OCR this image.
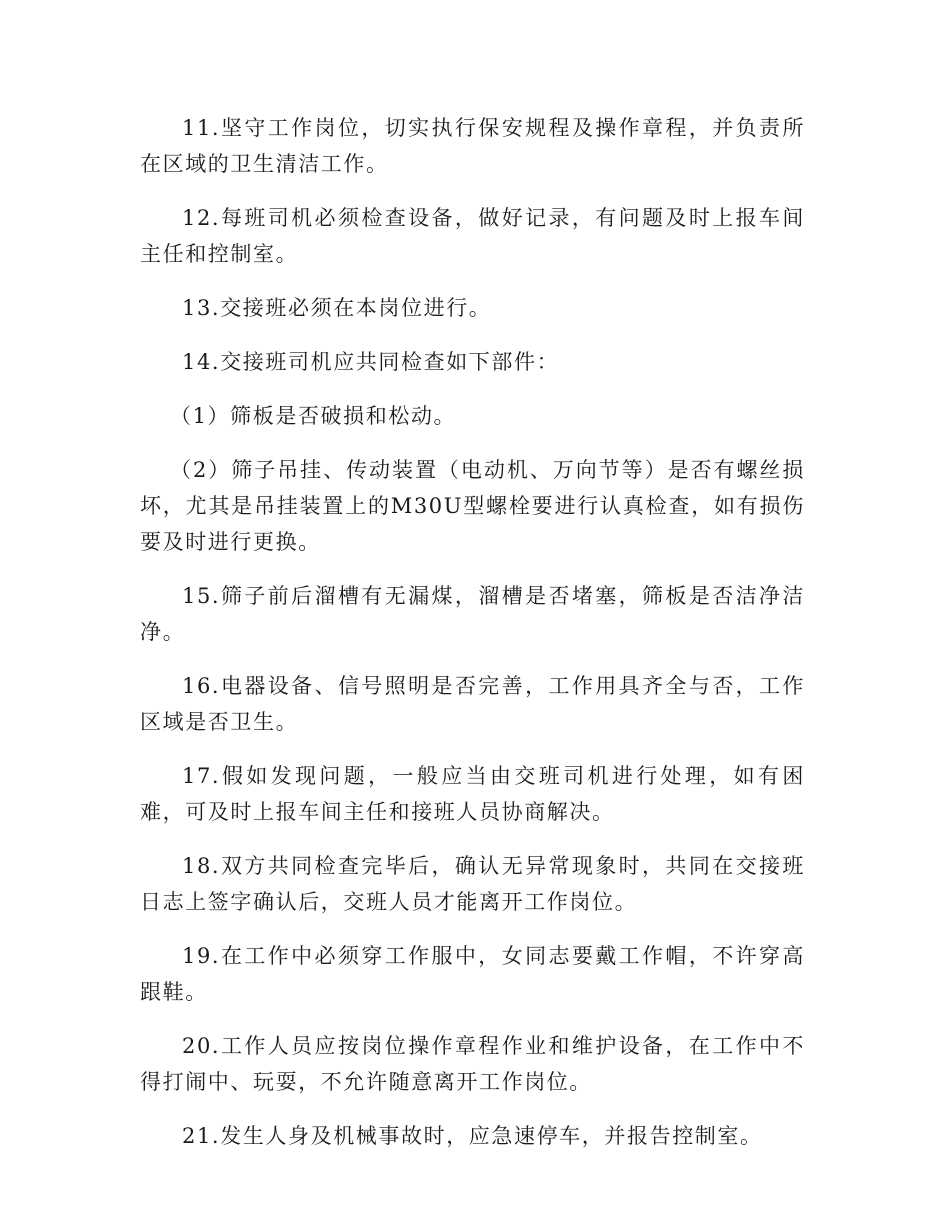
11.坚守工作岗位，切实执行保安规程及操作章程，并负责所在区域的卫生清洁工作。

12.每班司机必须检查设备，做好记录，有问题及时上报车间主任和控制室。

13.交接班必须在本岗位进行。

14.交接班司机应共同检查如下部件：

（1）筛板是否破损和松动。

（2）筛子吊挂、传动装置（电动机、万向节等）是否有螺丝损坏，尤其是吊挂装置上的M30U型螺栓要进行认真检查，如有损伤要及时进行更换。

15.筛子前后溜槽有无漏煤，溜槽是否堵塞，筛板是否洁净洁净。

16.电器设备、信号照明是否完善，工作用具齐全与否，工作区域是否卫生。

17.假如发现问题，一般应当由交班司机进行处理，如有困难，可及时上报车间主任和接班人员协商解决。

18.双方共同检查完毕后，确认无异常现象时，共同在交接班日志上签字确认后，交班人员才能离开工作岗位。

19.在工作中必须穿工作服中，女同志要戴工作帽，不许穿高跟鞋。

20.工作人员应按岗位操作章程作业和维护设备，在工作中不得打闹中、玩耍，不允许随意离开工作岗位。

21.发生人身及机械事故时，应急速停车，并报告控制室。
